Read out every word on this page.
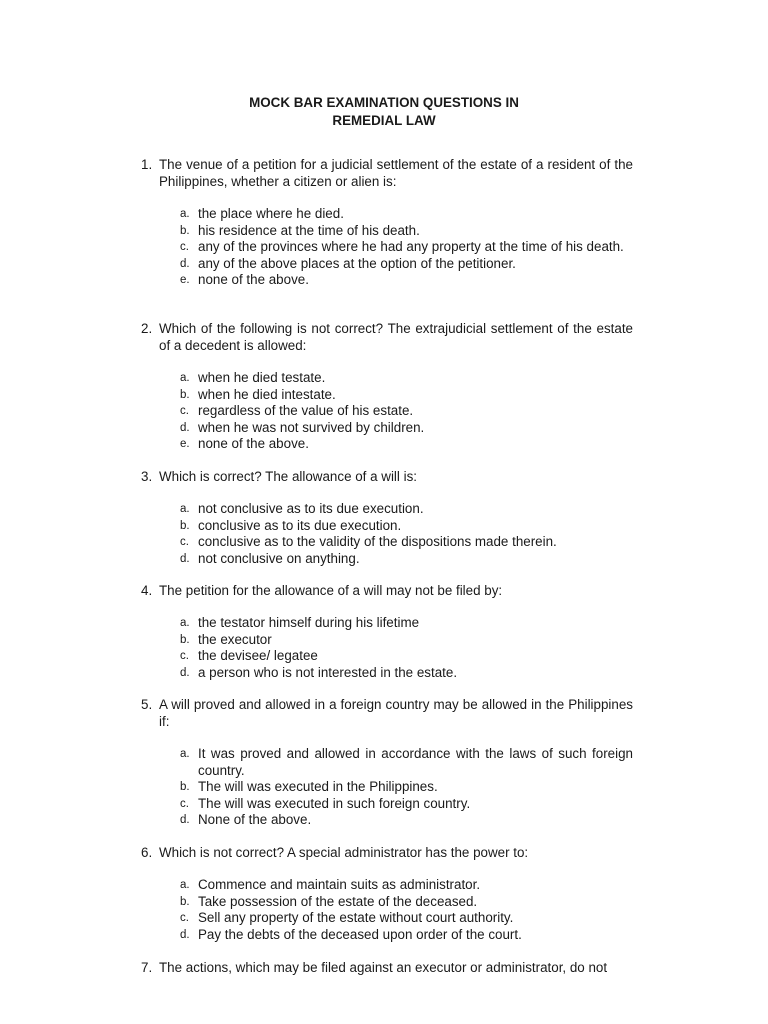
MOCK BAR EXAMINATION QUESTIONS IN
REMEDIAL LAW
1. The venue of a petition for a judicial settlement of the estate of a resident of the Philippines, whether a citizen or alien is:
a. the place where he died.
b. his residence at the time of his death.
c. any of the provinces where he had any property at the time of his death.
d. any of the above places at the option of the petitioner.
e. none of the above.
2. Which of the following is not correct? The extrajudicial settlement of the estate of a decedent is allowed:
a. when he died testate.
b. when he died intestate.
c. regardless of the value of his estate.
d. when he was not survived by children.
e. none of the above.
3. Which is correct? The allowance of a will is:
a. not conclusive as to its due execution.
b. conclusive as to its due execution.
c. conclusive as to the validity of the dispositions made therein.
d. not conclusive on anything.
4. The petition for the allowance of a will may not be filed by:
a. the testator himself during his lifetime
b. the executor
c. the devisee/ legatee
d. a person who is not interested in the estate.
5. A will proved and allowed in a foreign country may be allowed in the Philippines if:
a. It was proved and allowed in accordance with the laws of such foreign country.
b. The will was executed in the Philippines.
c. The will was executed in such foreign country.
d. None of the above.
6. Which is not correct? A special administrator has the power to:
a. Commence and maintain suits as administrator.
b. Take possession of the estate of the deceased.
c. Sell any property of the estate without court authority.
d. Pay the debts of the deceased upon order of the court.
7. The actions, which may be filed against an executor or administrator, do not
